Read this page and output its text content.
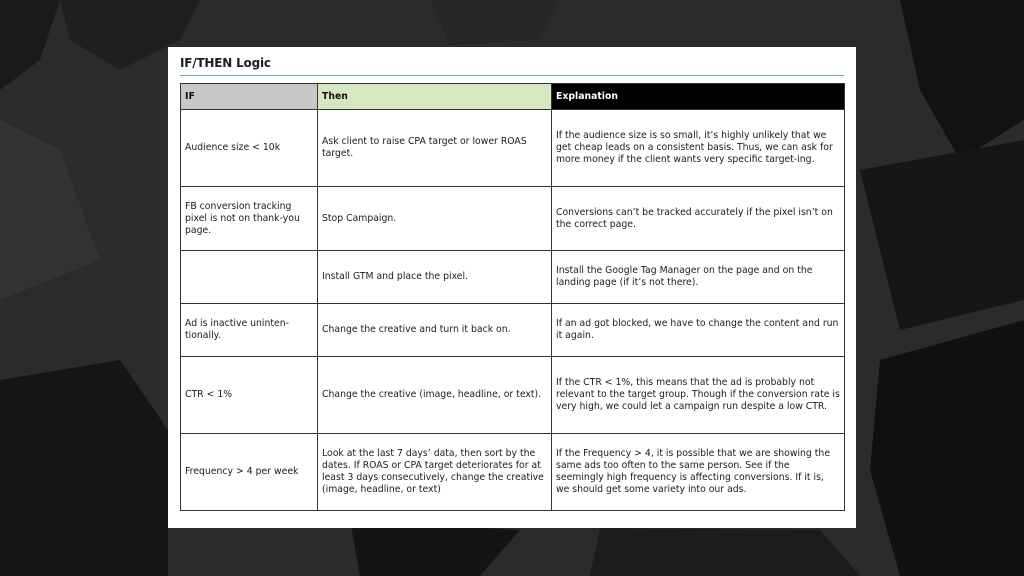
IF/THEN Logic
IF	Then	Explanation
Audience size < 10k	Ask client to raise CPA target or lower ROAS target.	If the audience size is so small, it’s highly unlikely that we get cheap leads on a consistent basis. Thus, we can ask for more money if the client wants very specific target-ing.
FB conversion tracking pixel is not on thank-you page.	Stop Campaign.	Conversions can’t be tracked accurately if the pixel isn’t on the correct page.
	Install GTM and place the pixel.	Install the Google Tag Manager on the page and on the landing page (if it’s not there).
Ad is inactive uninten-tionally.	Change the creative and turn it back on.	If an ad got blocked, we have to change the content and run it again.
CTR < 1%	Change the creative (image, headline, or text).	If the CTR < 1%, this means that the ad is probably not relevant to the target group. Though if the conversion rate is very high, we could let a campaign run despite a low CTR.
Frequency > 4 per week	Look at the last 7 days’ data, then sort by the dates. If ROAS or CPA target deteriorates for at least 3 days consecutively, change the creative (image, headline, or text)	If the Frequency > 4, it is possible that we are showing the same ads too often to the same person. See if the seemingly high frequency is affecting conversions. If it is, we should get some variety into our ads.
